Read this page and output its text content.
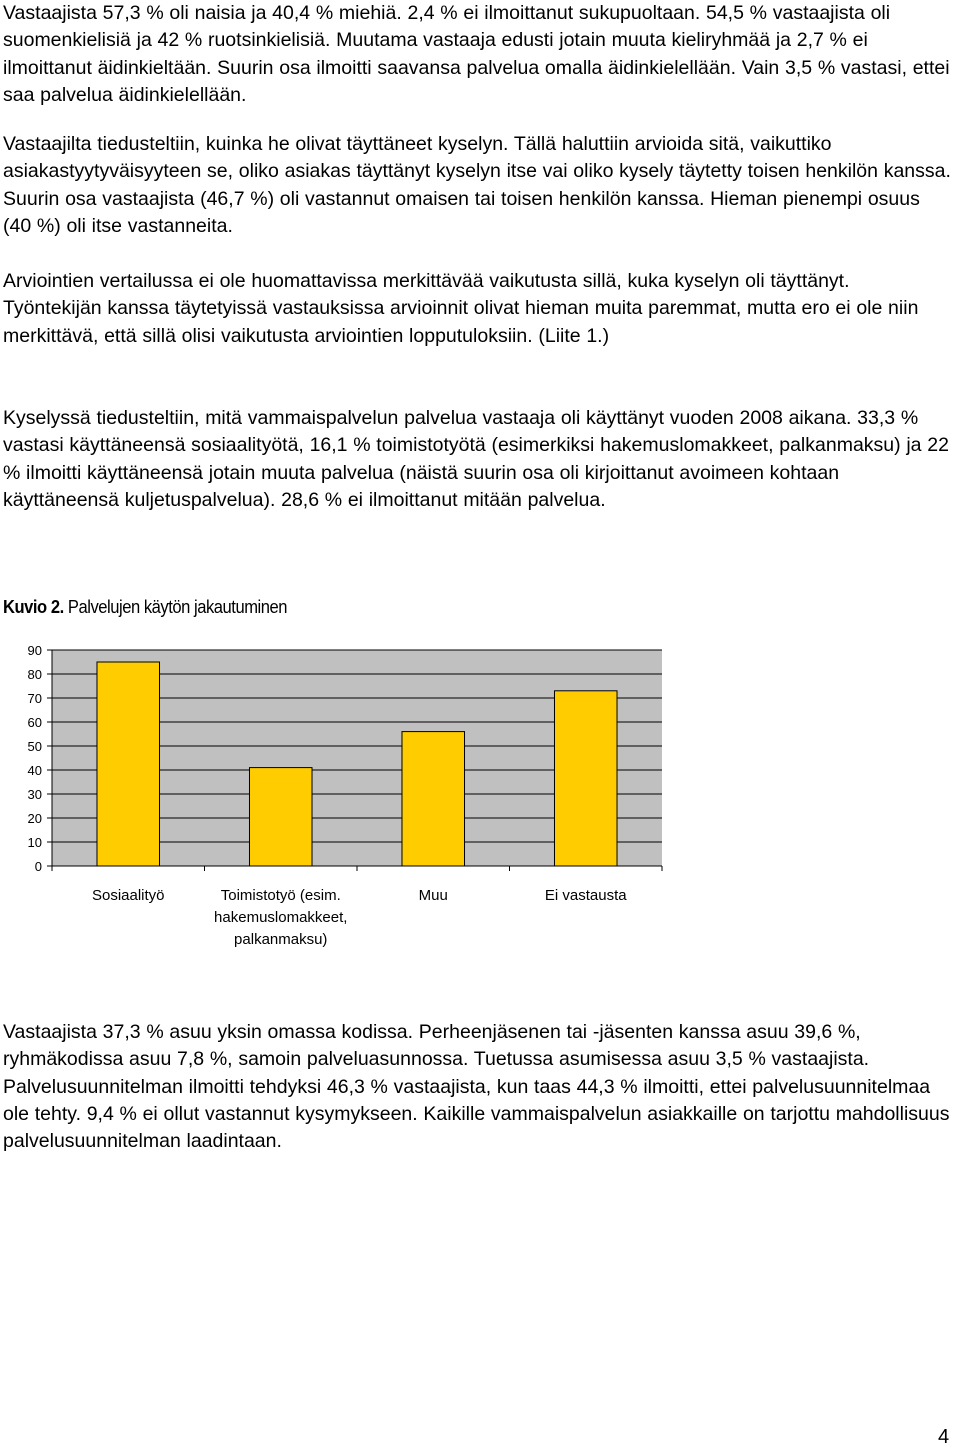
Vastaajista 57,3 % oli naisia ja 40,4 % miehiä. 2,4 % ei ilmoittanut sukupuoltaan. 54,5 % vastaajista oli suomenkielisiä ja 42 % ruotsinkielisiä. Muutama vastaaja edusti jotain muuta kieliryhmää ja 2,7 % ei ilmoittanut äidinkieltään. Suurin osa ilmoitti saavansa palvelua omalla äidinkielellään. Vain 3,5 % vastasi, ettei saa palvelua äidinkielellään.

Vastaajilta tiedusteltiin, kuinka he olivat täyttäneet kyselyn. Tällä haluttiin arvioida sitä, vaikuttiko asiakastyytyväisyyteen se, oliko asiakas täyttänyt kyselyn itse vai oliko kysely täytetty toisen henkilön kanssa. Suurin osa vastaajista (46,7 %) oli vastannut omaisen tai toisen henkilön kanssa. Hieman pienempi osuus (40 %) oli itse vastanneita.

Arviointien vertailussa ei ole huomattavissa merkittävää vaikutusta sillä, kuka kyselyn oli täyttänyt. Työntekijän kanssa täytetyissä vastauksissa arvioinnit olivat hieman muita paremmat, mutta ero ei ole niin merkittävä, että sillä olisi vaikutusta arviointien lopputuloksiin. (Liite 1.)

Kyselyssä tiedusteltiin, mitä vammaispalvelun palvelua vastaaja oli käyttänyt vuoden 2008 aikana. 33,3 % vastasi käyttäneensä sosiaalityötä, 16,1 % toimistotyötä (esimerkiksi hakemuslomakkeet, palkanmaksu) ja 22 % ilmoitti käyttäneensä jotain muuta palvelua (näistä suurin osa oli kirjoittanut avoimeen kohtaan käyttäneensä kuljetuspalvelua). 28,6 % ei ilmoittanut mitään palvelua.

Kuvio 2. Palvelujen käytön jakautuminen

0
10
20
30
40
50
60
70
80
90
Sosiaalityö	Toimistotyö (esim.
hakemuslomakkeet,
palkanmaksu)
Muu	Ei vastausta

Vastaajista 37,3 % asuu yksin omassa kodissa. Perheenjäsenen tai -jäsenten kanssa asuu 39,6 %, ryhmäkodissa asuu 7,8 %, samoin palveluasunnossa. Tuetussa asumisessa asuu 3,5 % vastaajista. Palvelusuunnitelman ilmoitti tehdyksi 46,3 % vastaajista, kun taas 44,3 % ilmoitti, ettei palvelusuunnitelmaa ole tehty. 9,4 % ei ollut vastannut kysymykseen. Kaikille vammaispalvelun asiakkaille on tarjottu mahdollisuus palvelusuunnitelman laadintaan.

4
